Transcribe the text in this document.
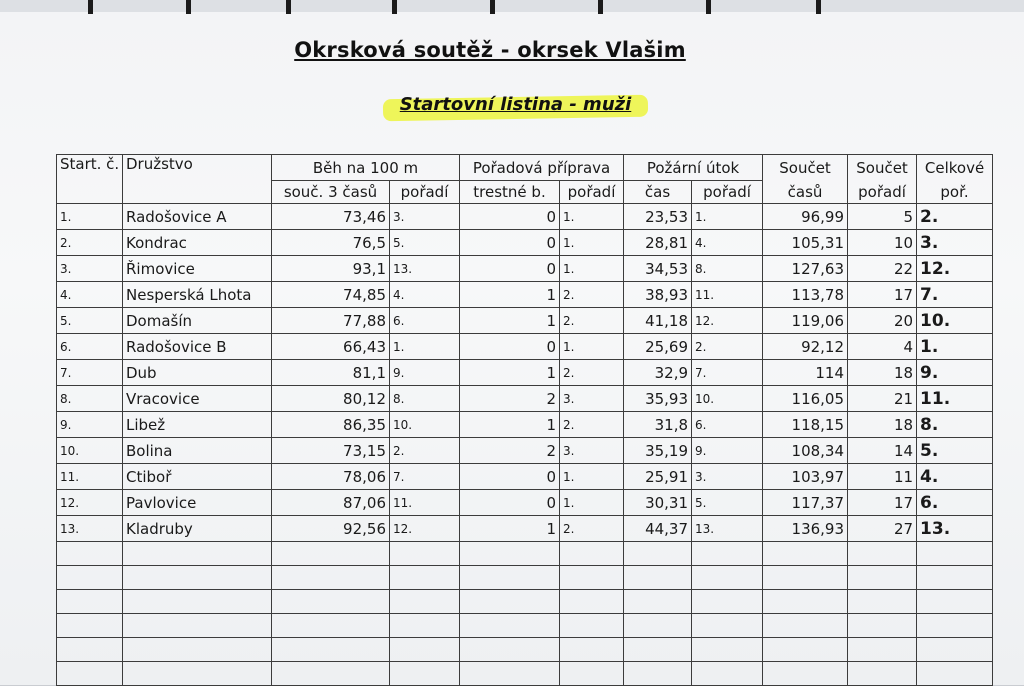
Okrsková soutěž - okrsek Vlašim
Startovní listina - muži
Start. č.	Družstvo	Běh na 100 m		Pořadová příprava		Požární útok		Součet	Součet	Celkové
		souč. 3 časů	pořadí	trestné b.	pořadí	čas	pořadí	časů	pořadí	poř.
1.	Radošovice A	73,46	3.	0	1.	23,53	1.	96,99	5	2.
2.	Kondrac	76,5	5.	0	1.	28,81	4.	105,31	10	3.
3.	Řimovice	93,1	13.	0	1.	34,53	8.	127,63	22	12.
4.	Nesperská Lhota	74,85	4.	1	2.	38,93	11.	113,78	17	7.
5.	Domašín	77,88	6.	1	2.	41,18	12.	119,06	20	10.
6.	Radošovice B	66,43	1.	0	1.	25,69	2.	92,12	4	1.
7.	Dub	81,1	9.	1	2.	32,9	7.	114	18	9.
8.	Vracovice	80,12	8.	2	3.	35,93	10.	116,05	21	11.
9.	Libež	86,35	10.	1	2.	31,8	6.	118,15	18	8.
10.	Bolina	73,15	2.	2	3.	35,19	9.	108,34	14	5.
11.	Ctiboř	78,06	7.	0	1.	25,91	3.	103,97	11	4.
12.	Pavlovice	87,06	11.	0	1.	30,31	5.	117,37	17	6.
13.	Kladruby	92,56	12.	1	2.	44,37	13.	136,93	27	13.
